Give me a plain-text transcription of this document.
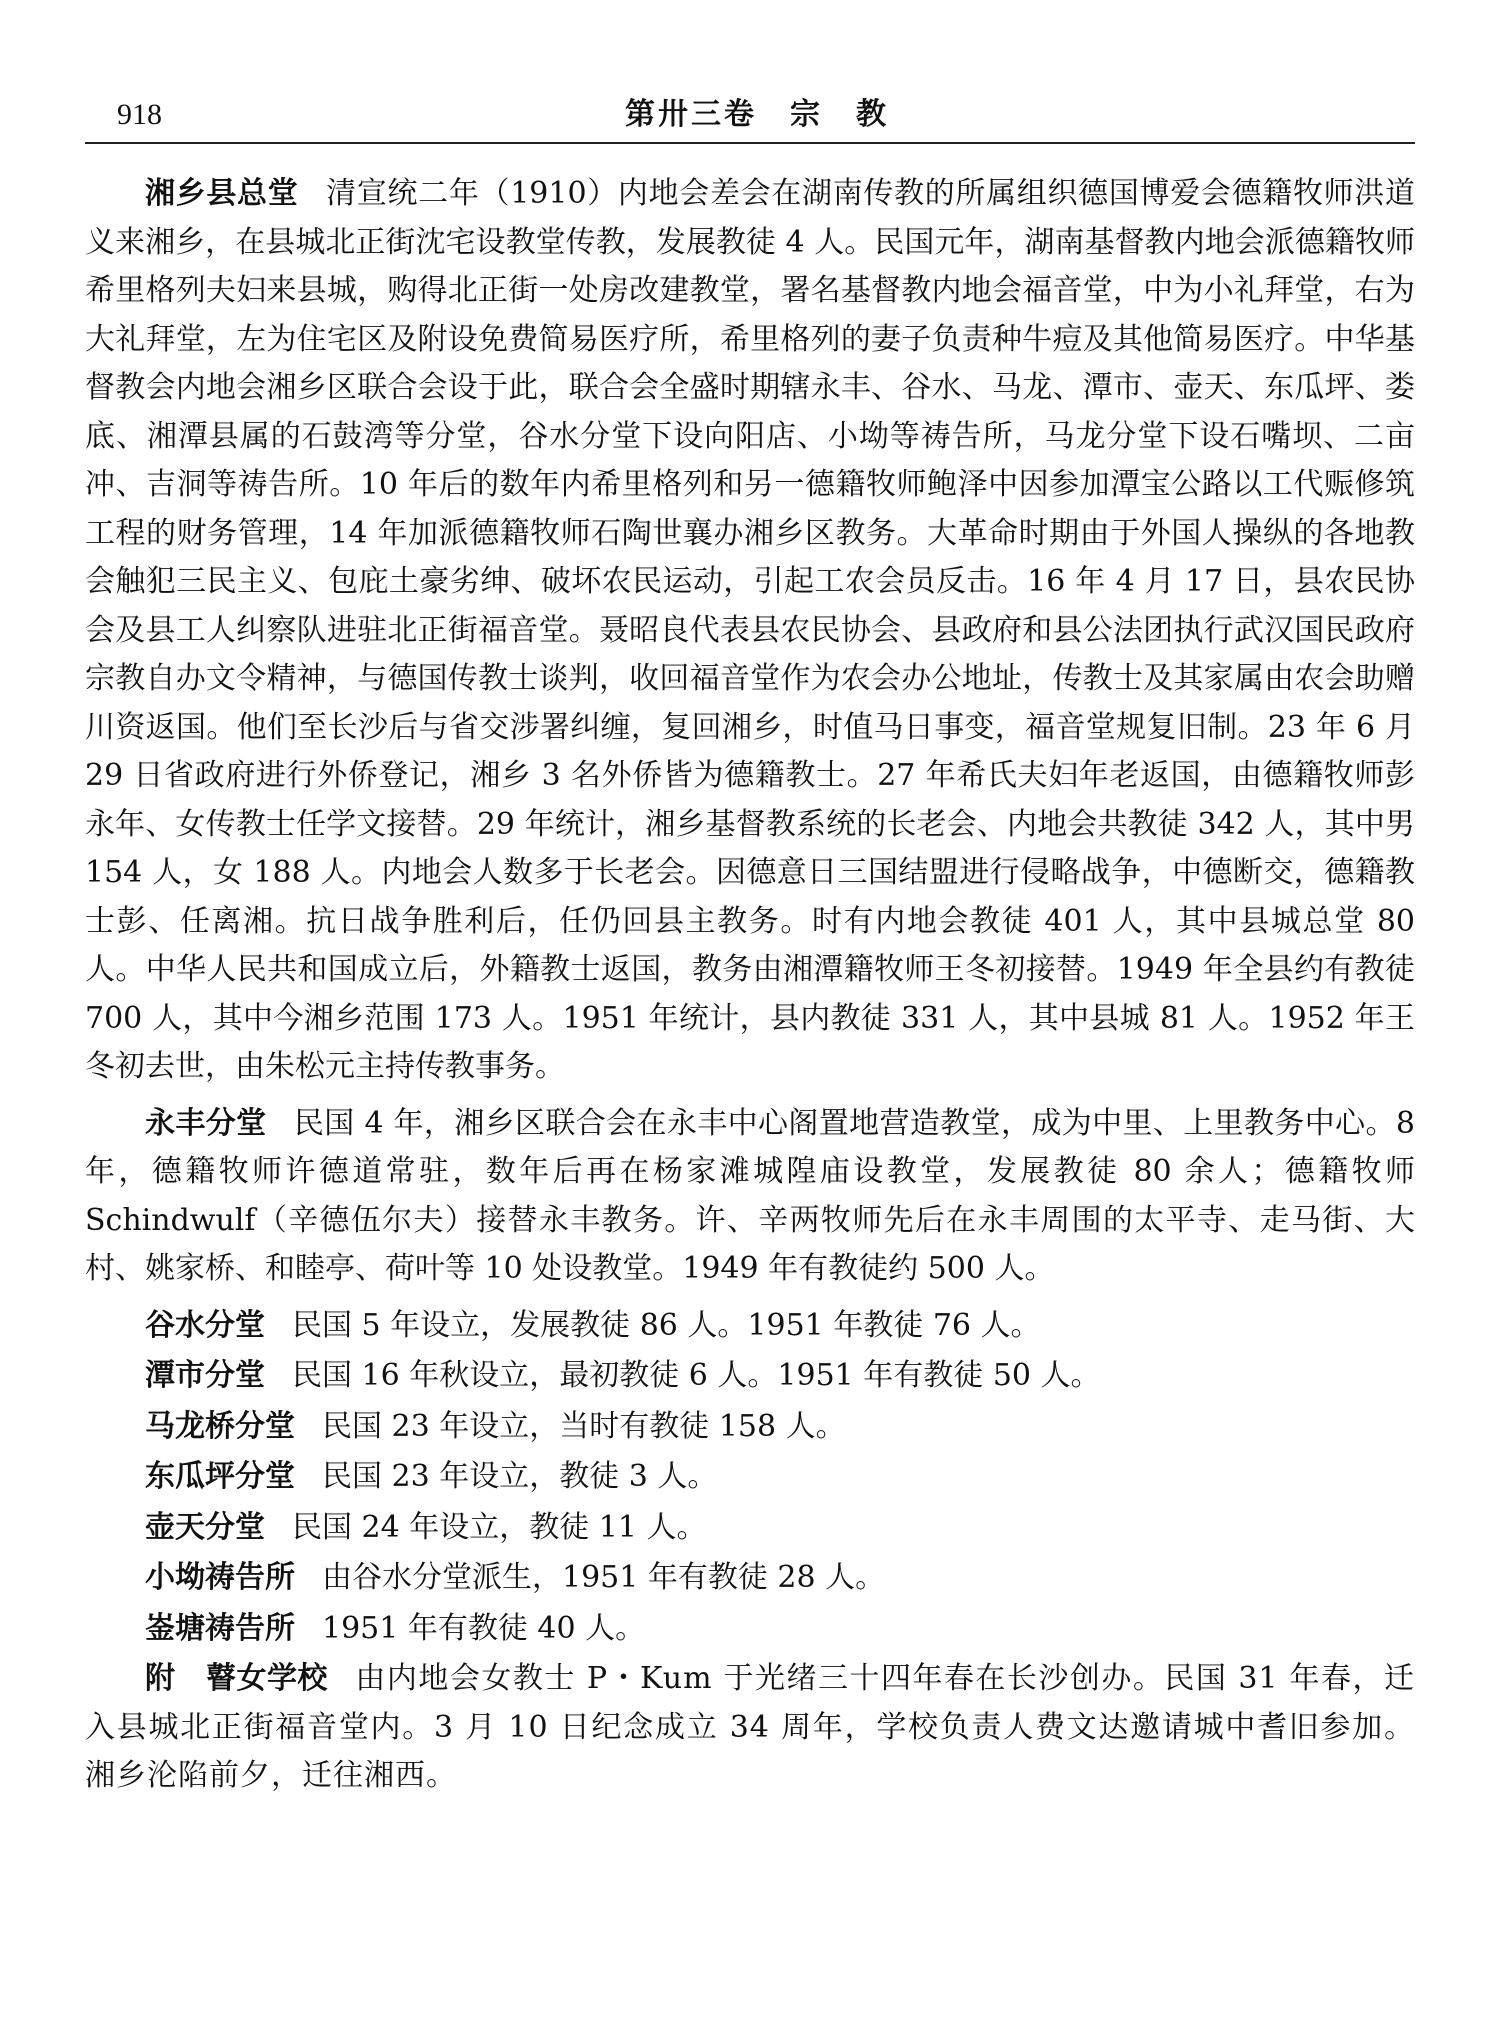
918	第卅三卷　宗　教

湘乡县总堂 清宣统二年（1910）内地会差会在湖南传教的所属组织德国博爱会德籍牧师洪道义来湘乡，在县城北正街沈宅设教堂传教，发展教徒 4 人。民国元年，湖南基督教内地会派德籍牧师希里格列夫妇来县城，购得北正街一处房改建教堂，署名基督教内地会福音堂，中为小礼拜堂，右为大礼拜堂，左为住宅区及附设免费简易医疗所，希里格列的妻子负责种牛痘及其他简易医疗。中华基督教会内地会湘乡区联合会设于此，联合会全盛时期辖永丰、谷水、马龙、潭市、壶天、东瓜坪、娄底、湘潭县属的石鼓湾等分堂，谷水分堂下设向阳店、小坳等祷告所，马龙分堂下设石嘴坝、二亩冲、吉洞等祷告所。10 年后的数年内希里格列和另一德籍牧师鲍泽中因参加潭宝公路以工代赈修筑工程的财务管理，14 年加派德籍牧师石陶世襄办湘乡区教务。大革命时期由于外国人操纵的各地教会触犯三民主义、包庇土豪劣绅、破坏农民运动，引起工农会员反击。16 年 4 月 17 日，县农民协会及县工人纠察队进驻北正街福音堂。聂昭良代表县农民协会、县政府和县公法团执行武汉国民政府宗教自办文令精神，与德国传教士谈判，收回福音堂作为农会办公地址，传教士及其家属由农会助赠川资返国。他们至长沙后与省交涉署纠缠，复回湘乡，时值马日事变，福音堂规复旧制。23 年 6 月 29 日省政府进行外侨登记，湘乡 3 名外侨皆为德籍教士。27 年希氏夫妇年老返国，由德籍牧师彭永年、女传教士任学文接替。29 年统计，湘乡基督教系统的长老会、内地会共教徒 342 人，其中男 154 人，女 188 人。内地会人数多于长老会。因德意日三国结盟进行侵略战争，中德断交，德籍教士彭、任离湘。抗日战争胜利后，任仍回县主教务。时有内地会教徒 401 人，其中县城总堂 80 人。中华人民共和国成立后，外籍教士返国，教务由湘潭籍牧师王冬初接替。1949 年全县约有教徒 700 人，其中今湘乡范围 173 人。1951 年统计，县内教徒 331 人，其中县城 81 人。1952 年王冬初去世，由朱松元主持传教事务。

永丰分堂 民国 4 年，湘乡区联合会在永丰中心阁置地营造教堂，成为中里、上里教务中心。8 年，德籍牧师许德道常驻，数年后再在杨家滩城隍庙设教堂，发展教徒 80 余人；德籍牧师 Schindwulf（辛德伍尔夫）接替永丰教务。许、辛两牧师先后在永丰周围的太平寺、走马街、大村、姚家桥、和睦亭、荷叶等 10 处设教堂。1949 年有教徒约 500 人。

谷水分堂 民国 5 年设立，发展教徒 86 人。1951 年教徒 76 人。

潭市分堂 民国 16 年秋设立，最初教徒 6 人。1951 年有教徒 50 人。

马龙桥分堂 民国 23 年设立，当时有教徒 158 人。

东瓜坪分堂 民国 23 年设立，教徒 3 人。

壶天分堂 民国 24 年设立，教徒 11 人。

小坳祷告所 由谷水分堂派生，1951 年有教徒 28 人。

崟塘祷告所 1951 年有教徒 40 人。

附　瞽女学校 由内地会女教士 P・Kum 于光绪三十四年春在长沙创办。民国 31 年春，迁入县城北正街福音堂内。3 月 10 日纪念成立 34 周年，学校负责人费文达邀请城中耆旧参加。湘乡沦陷前夕，迁往湘西。
